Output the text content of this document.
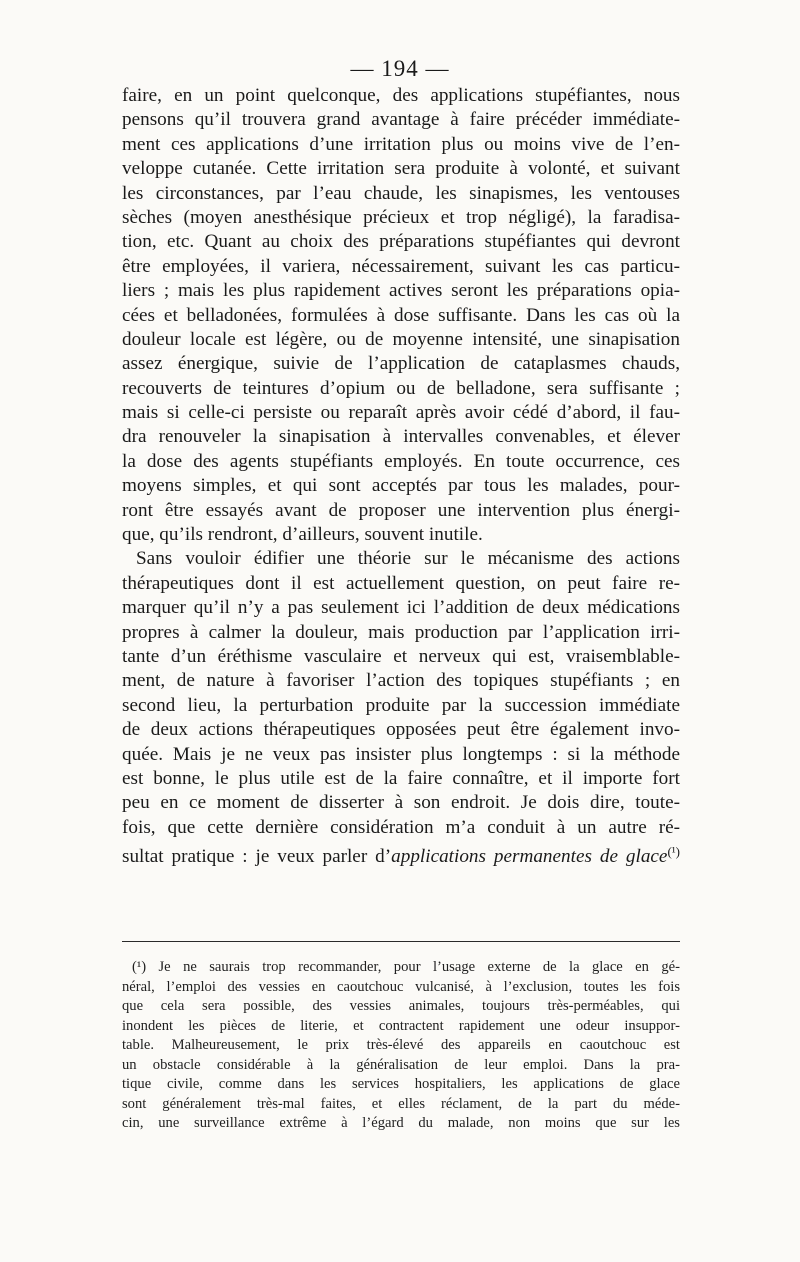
— 194 —
faire, en un point quelconque, des applications stupéfiantes, nous
pensons qu’il trouvera grand avantage à faire précéder immédiate-
ment ces applications d’une irritation plus ou moins vive de l’en-
veloppe cutanée. Cette irritation sera produite à volonté, et suivant
les circonstances, par l’eau chaude, les sinapismes, les ventouses
sèches (moyen anesthésique précieux et trop négligé), la faradisa-
tion, etc. Quant au choix des préparations stupéfiantes qui devront
être employées, il variera, nécessairement, suivant les cas particu-
liers ; mais les plus rapidement actives seront les préparations opia-
cées et belladonées, formulées à dose suffisante. Dans les cas où la
douleur locale est légère, ou de moyenne intensité, une sinapisation
assez énergique, suivie de l’application de cataplasmes chauds,
recouverts de teintures d’opium ou de belladone, sera suffisante ;
mais si celle-ci persiste ou reparaît après avoir cédé d’abord, il fau-
dra renouveler la sinapisation à intervalles convenables, et élever
la dose des agents stupéfiants employés. En toute occurrence, ces
moyens simples, et qui sont acceptés par tous les malades, pour-
ront être essayés avant de proposer une intervention plus énergi-
que, qu’ils rendront, d’ailleurs, souvent inutile.
Sans vouloir édifier une théorie sur le mécanisme des actions
thérapeutiques dont il est actuellement question, on peut faire re-
marquer qu’il n’y a pas seulement ici l’addition de deux médications
propres à calmer la douleur, mais production par l’application irri-
tante d’un éréthisme vasculaire et nerveux qui est, vraisemblable-
ment, de nature à favoriser l’action des topiques stupéfiants ; en
second lieu, la perturbation produite par la succession immédiate
de deux actions thérapeutiques opposées peut être également invo-
quée. Mais je ne veux pas insister plus longtemps : si la méthode
est bonne, le plus utile est de la faire connaître, et il importe fort
peu en ce moment de disserter à son endroit. Je dois dire, toute-
fois, que cette dernière considération m’a conduit à un autre ré-
sultat pratique : je veux parler d’applications permanentes de glace$^{(^1)}$
(¹) Je ne saurais trop recommander, pour l’usage externe de la glace en gé-
néral, l’emploi des vessies en caoutchouc vulcanisé, à l’exclusion, toutes les fois
que cela sera possible, des vessies animales, toujours très-perméables, qui
inondent les pièces de literie, et contractent rapidement une odeur insuppor-
table. Malheureusement, le prix très-élevé des appareils en caoutchouc est
un obstacle considérable à la généralisation de leur emploi. Dans la pra-
tique civile, comme dans les services hospitaliers, les applications de glace
sont généralement très-mal faites, et elles réclament, de la part du méde-
cin, une surveillance extrême à l’égard du malade, non moins que sur les
